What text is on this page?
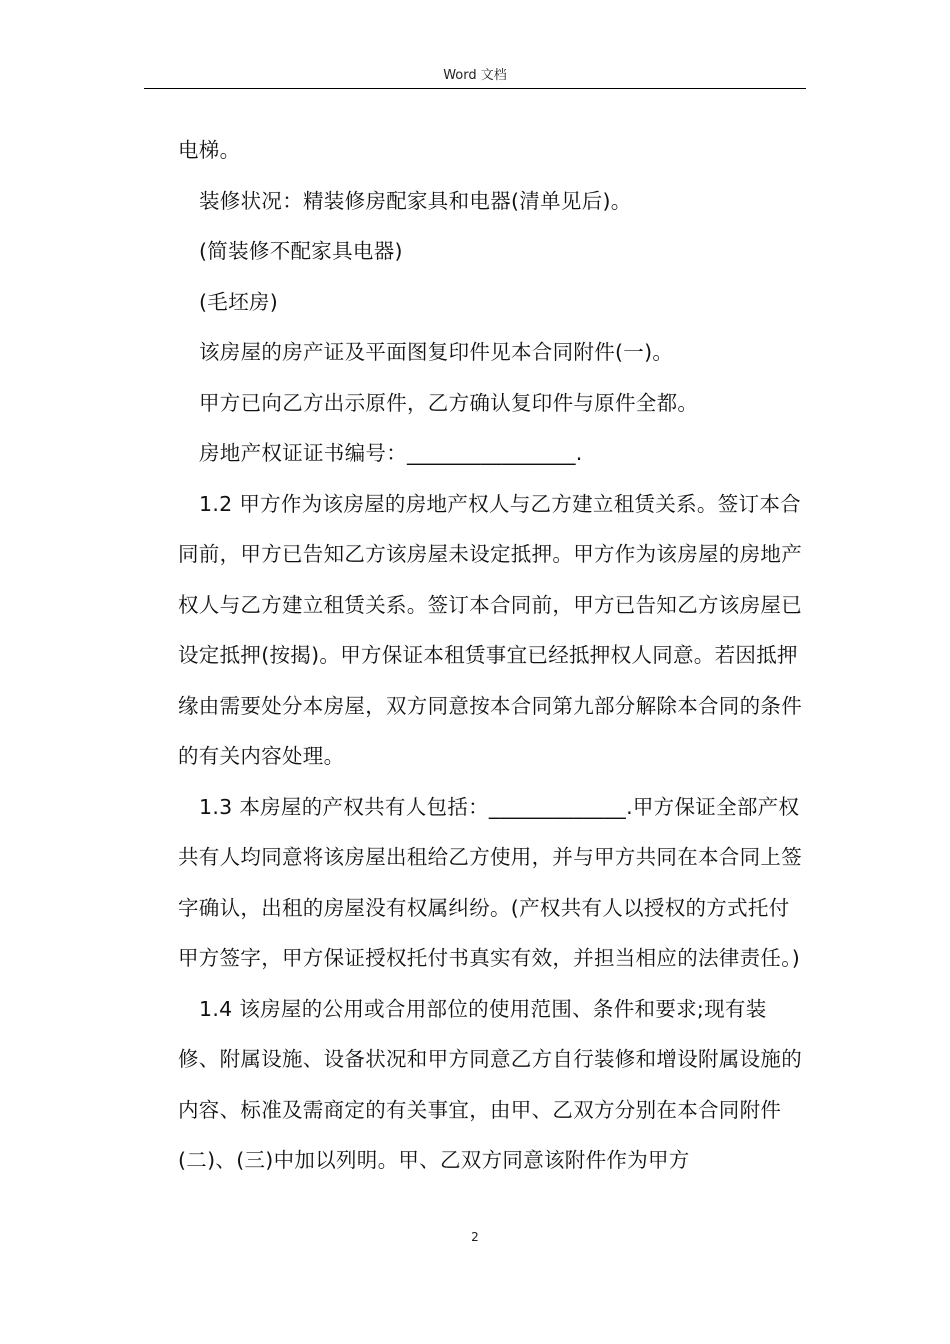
Word 文档

电梯。

装修状况：精装修房配家具和电器(清单见后)。

(简装修不配家具电器)

(毛坯房)

该房屋的房产证及平面图复印件见本合同附件(一)。

甲方已向乙方出示原件，乙方确认复印件与原件全都。

房地产权证证书编号：________________.

1.2 甲方作为该房屋的房地产权人与乙方建立租赁关系。签订本合同前，甲方已告知乙方该房屋未设定抵押。甲方作为该房屋的房地产权人与乙方建立租赁关系。签订本合同前，甲方已告知乙方该房屋已设定抵押(按揭)。甲方保证本租赁事宜已经抵押权人同意。若因抵押缘由需要处分本房屋，双方同意按本合同第九部分解除本合同的条件的有关内容处理。

1.3 本房屋的产权共有人包括：_____________.甲方保证全部产权共有人均同意将该房屋出租给乙方使用，并与甲方共同在本合同上签字确认，出租的房屋没有权属纠纷。(产权共有人以授权的方式托付甲方签字，甲方保证授权托付书真实有效，并担当相应的法律责任。)

1.4 该房屋的公用或合用部位的使用范围、条件和要求;现有装修、附属设施、设备状况和甲方同意乙方自行装修和增设附属设施的内容、标准及需商定的有关事宜，由甲、乙双方分别在本合同附件(二)、(三)中加以列明。甲、乙双方同意该附件作为甲方

2
